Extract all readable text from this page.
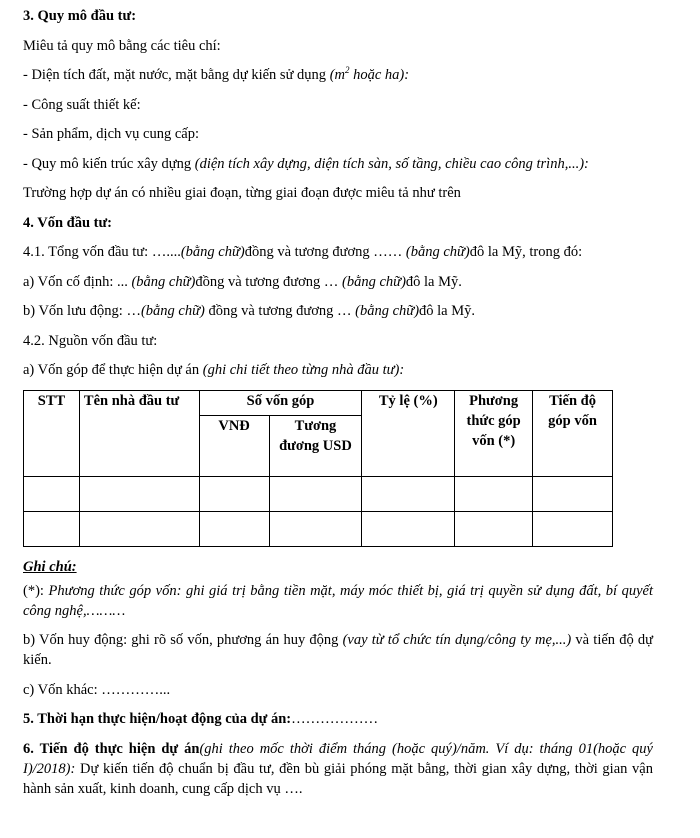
3. Quy mô đầu tư:

Miêu tả quy mô bằng các tiêu chí:

- Diện tích đất, mặt nước, mặt bằng dự kiến sử dụng ($m^2$ hoặc ha):

- Công suất thiết kế:

- Sản phẩm, dịch vụ cung cấp:

- Quy mô kiến trúc xây dựng (diện tích xây dựng, diện tích sàn, số tầng, chiều cao công trình,...):

Trường hợp dự án có nhiều giai đoạn, từng giai đoạn được miêu tả như trên

4. Vốn đầu tư:

4.1. Tổng vốn đầu tư: …....(bằng chữ)đồng và tương đương …… (bằng chữ)đô la Mỹ, trong đó:

a) Vốn cố định: ... (bằng chữ)đồng và tương đương … (bằng chữ)đô la Mỹ.

b) Vốn lưu động: …(bằng chữ) đồng và tương đương … (bằng chữ)đô la Mỹ.

4.2. Nguồn vốn đầu tư:

a) Vốn góp để thực hiện dự án (ghi chi tiết theo từng nhà đầu tư):

STT	Tên nhà đầu tư	Số vốn góp		Tỷ lệ (%)	Phương thức góp vốn (*)	Tiến độ góp vốn
		VNĐ	Tương đương USD			

Ghi chú:

(*): Phương thức góp vốn: ghi giá trị bằng tiền mặt, máy móc thiết bị, giá trị quyền sử dụng đất, bí quyết công nghệ,………

b) Vốn huy động: ghi rõ số vốn, phương án huy động (vay từ tổ chức tín dụng/công ty mẹ,...) và tiến độ dự kiến.

c) Vốn khác: …………...

5. Thời hạn thực hiện/hoạt động của dự án:………………

6. Tiến độ thực hiện dự án(ghi theo mốc thời điểm tháng (hoặc quý)/năm. Ví dụ: tháng 01(hoặc quý I)/2018): Dự kiến tiến độ chuẩn bị đầu tư, đền bù giải phóng mặt bằng, thời gian xây dựng, thời gian vận hành sản xuất, kinh doanh, cung cấp dịch vụ ….
